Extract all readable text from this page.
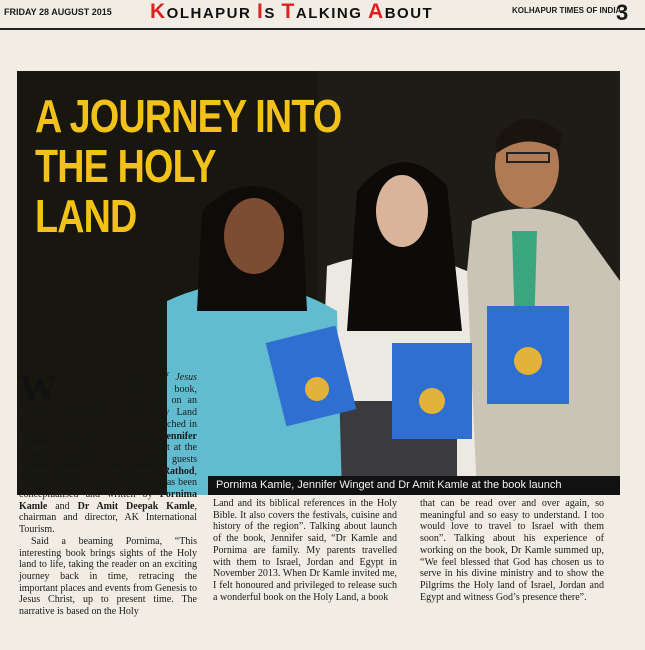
FRIDAY 28 AUGUST 2015 KOLHAPUR IS TALKING ABOUT	KOLHAPUR TIMES OF INDIA
3
A JOURNEY INTO
THE HOLY
LAND
Pornima Kamle, Jennifer Winget and Dr Amit Kamle at the book launch
W alk on the footsteps of Jesus Christ, an inspirational book, which takes the readers on an exclusive pilgrimage of the Holy Land (Israel, Jordan and Egypt), was launched in Pune, by film and TV actress, Jennifer Winget on August 24. Also, present at the launch ceremony were special guests Chandu Borde and Rev. Andrew Rathod, bishop of Pune Diocese. The book has been conceptualised and written by Pornima Kamle and Dr Amit Deepak Kamle, chairman and director, AK International Tourism.
Said a beaming Pornima, “This interesting book brings sights of the Holy land to life, taking the reader on an exciting journey back in time, retracing the important places and events from Genesis to Jesus Christ, up to present time. The narrative is based on the Holy
Land and its biblical references in the Holy Bible. It also covers the festivals, cuisine and history of the region”. Talking about launch of the book, Jennifer said, “Dr Kamle and Pornima are family. My parents travelled with them to Israel, Jordan and Egypt in November 2013. When Dr Kamle invited me, I felt honoured and privileged to release such a wonderful book on the Holy Land, a book
that can be read over and over again, so meaningful and so easy to understand. I too would love to travel to Israel with them soon”. Talking about his experience of working on the book, Dr Kamle summed up, “We feel blessed that God has chosen us to serve in his divine ministry and to show the Pilgrims the Holy land of Israel, Jordan and Egypt and witness God’s presence there”.
